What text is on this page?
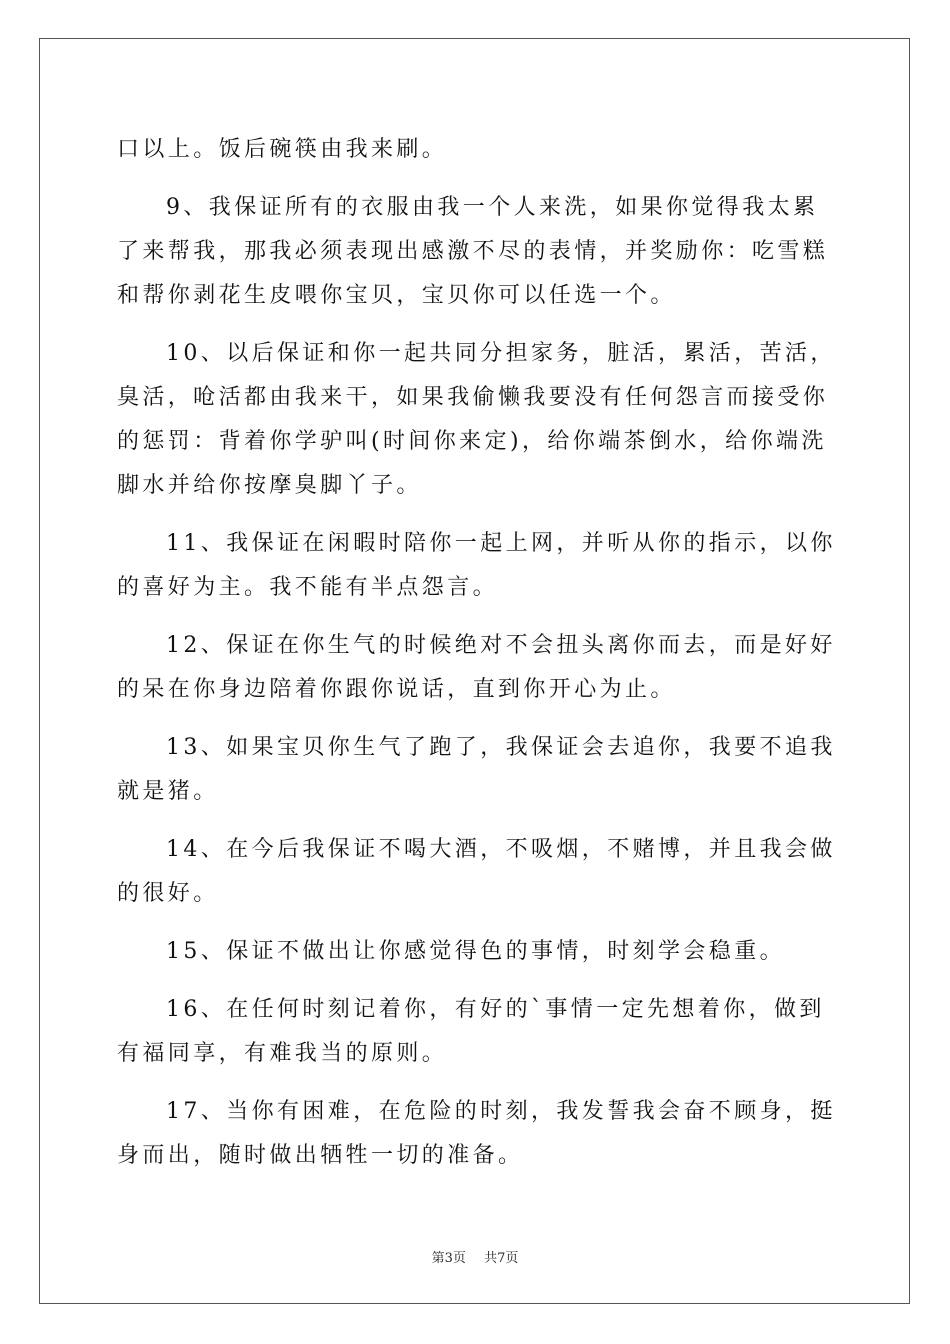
口以上。饭后碗筷由我来刷。

9、我保证所有的衣服由我一个人来洗，如果你觉得我太累了来帮我，那我必须表现出感激不尽的表情，并奖励你：吃雪糕和帮你剥花生皮喂你宝贝，宝贝你可以任选一个。

10、以后保证和你一起共同分担家务，脏活，累活，苦活，臭活，呛活都由我来干，如果我偷懒我要没有任何怨言而接受你的惩罚：背着你学驴叫(时间你来定)，给你端茶倒水，给你端洗脚水并给你按摩臭脚丫子。

11、我保证在闲暇时陪你一起上网，并听从你的指示，以你的喜好为主。我不能有半点怨言。

12、保证在你生气的时候绝对不会扭头离你而去，而是好好的呆在你身边陪着你跟你说话，直到你开心为止。

13、如果宝贝你生气了跑了，我保证会去追你，我要不追我就是猪。

14、在今后我保证不喝大酒，不吸烟，不赌博，并且我会做的很好。

15、保证不做出让你感觉得色的事情，时刻学会稳重。

16、在任何时刻记着你，有好的`事情一定先想着你，做到有福同享，有难我当的原则。

17、当你有困难，在危险的时刻，我发誓我会奋不顾身，挺身而出，随时做出牺牲一切的准备。

第3页 共7页
